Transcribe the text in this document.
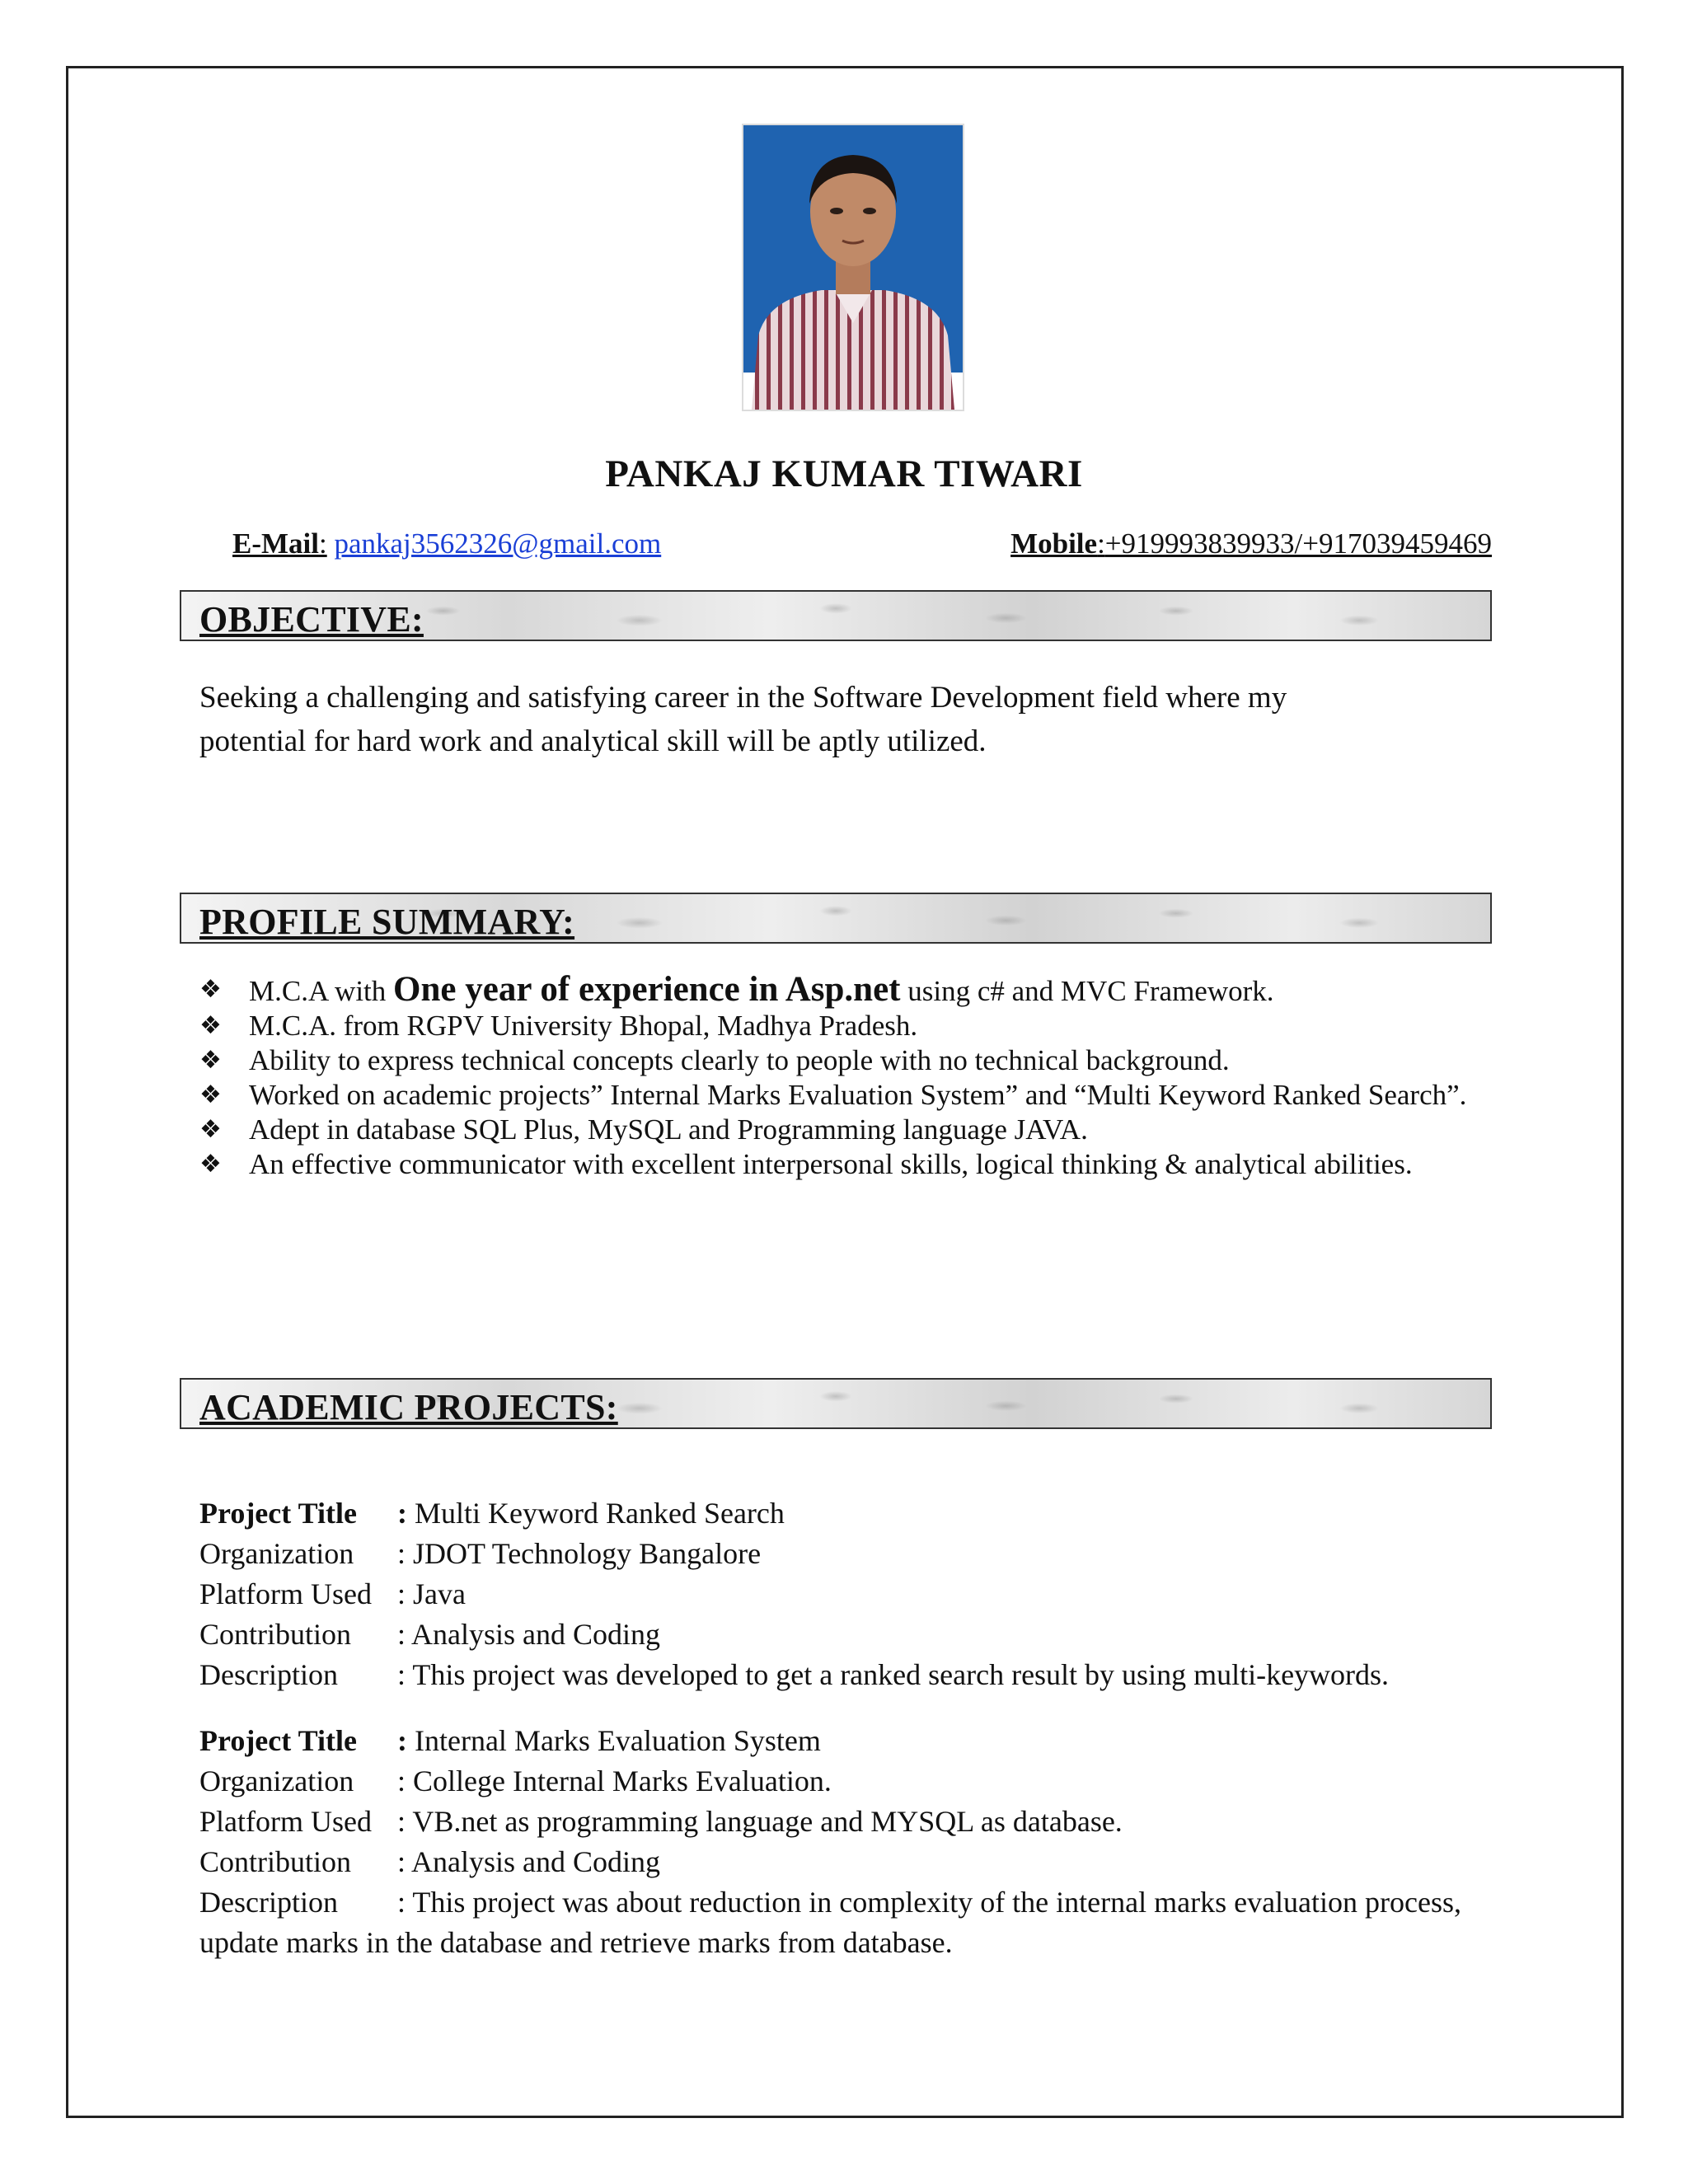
PANKAJ KUMAR TIWARI
E-Mail: pankaj3562326@gmail.com	Mobile:+919993839933/+917039459469
OBJECTIVE:
Seeking a challenging and satisfying career in the Software Development field where my potential for hard work and analytical skill will be aptly utilized.
PROFILE SUMMARY:
❖ M.C.A with One year of experience in Asp.net using c# and MVC Framework.
❖ M.C.A. from RGPV University Bhopal, Madhya Pradesh.
❖ Ability to express technical concepts clearly to people with no technical background.
❖ Worked on academic projects” Internal Marks Evaluation System” and “Multi Keyword Ranked Search”.
❖ Adept in database SQL Plus, MySQL and Programming language JAVA.
❖ An effective communicator with excellent interpersonal skills, logical thinking & analytical abilities.
ACADEMIC PROJECTS:
Project Title : Multi Keyword Ranked Search
Organization : JDOT Technology Bangalore
Platform Used : Java
Contribution : Analysis and Coding
Description : This project was developed to get a ranked search result by using multi-keywords.
Project Title : Internal Marks Evaluation System
Organization : College Internal Marks Evaluation.
Platform Used : VB.net as programming language and MYSQL as database.
Contribution : Analysis and Coding
Description : This project was about reduction in complexity of the internal marks evaluation process,
update marks in the database and retrieve marks from database.
